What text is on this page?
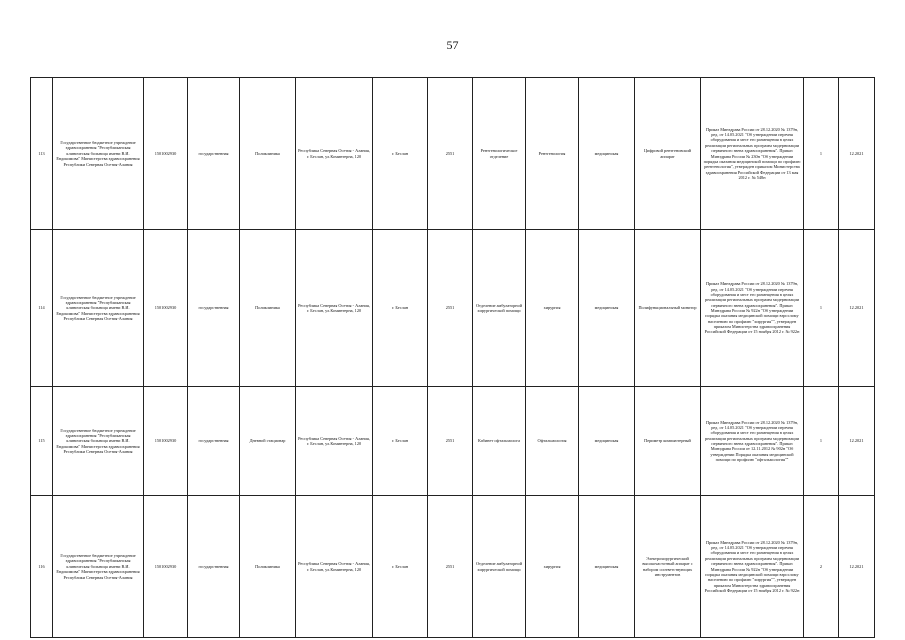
57
113	Государственное бюджетное учреждение здравоохранения "Республиканская клиническая больница имени В.И. Евдокимова" Министерства здравоохранения Республики Северная Осетия-Алания	1501002930	государственная	Поликлиника	Республика Северная Осетия - Алания, г. Беслан, ул.Коминтерна, 120	г. Беслан	2551	Рентгенологическое отделение	Рентгенология	медицинская	Цифровой рентгеновский аппарат	Приказ Минздрава России от 28.12.2020 № 1379н, ред. от 14.05.2021 "Об утверждении перечня оборудования и мест его размещения в целях реализации региональных программ модернизации первичного звена здравоохранения". Приказ Минздрава России № 230н "Об утверждении порядка оказания медицинской помощи по профилю рентгенология", утвержден приказом Министерства здравоохранения Российской Федерации от 13 мая 2012 г. № 548н	1	12.2021
114	Государственное бюджетное учреждение здравоохранения "Республиканская клиническая больница имени В.И. Евдокимова" Министерства здравоохранения Республики Северная Осетия-Алания	1501002930	государственная	Поликлиника	Республика Северная Осетия - Алания, г. Беслан, ул.Коминтерна, 120	г. Беслан	2551	Отделение амбулаторной хирургической помощи	хирургия	медицинская	Полифункциональный монитор	Приказ Минздрава России от 28.12.2020 № 1379н, ред. от 14.05.2021 "Об утверждении перечня оборудования и мест его размещения в целях реализации региональных программ модернизации первичного звена здравоохранения". Приказ Минздрава России № 922н "Об утверждении порядка оказания медицинской помощи взрослому населению по профилю "хирургия"", утвержден приказом Министерства здравоохранения Российской Федерации от 15 ноября 2012 г. № 922н	1	12.2021
115	Государственное бюджетное учреждение здравоохранения "Республиканская клиническая больница имени В.И. Евдокимова" Министерства здравоохранения Республики Северная Осетия-Алания	1501002930	государственная	Дневной стационар	Республика Северная Осетия - Алания, г. Беслан, ул.Коминтерна, 120	г. Беслан	2551	Кабинет офтальмолога	Офтальмология	медицинская	Периметр компьютерный	Приказ Минздрава России от 28.12.2020 № 1379н, ред. от 14.05.2021 "Об утверждении перечня оборудования и мест его размещения в целях реализации региональных программ модернизации первичного звена здравоохранения". Приказ Минздрава России от 12.11.2012 № 902н "Об утверждении Порядка оказания медицинской помощи по профилю "офтальмология""	1	12.2021
116	Государственное бюджетное учреждение здравоохранения "Республиканская клиническая больница имени В.И. Евдокимова" Министерства здравоохранения Республики Северная Осетия-Алания	1501002930	государственная	Поликлиника	Республика Северная Осетия - Алания, г. Беслан, ул.Коминтерна, 120	г. Беслан	2551	Отделение амбулаторной хирургической помощи	хирургия	медицинская	Электрохирургический высокочастотный аппарат с набором соответствующих инструментов	Приказ Минздрава России от 28.12.2020 № 1379н, ред. от 14.05.2021 "Об утверждении перечня оборудования и мест его размещения в целях реализации региональных программ модернизации первичного звена здравоохранения". Приказ Минздрава России № 922н "Об утверждении порядка оказания медицинской помощи взрослому населению по профилю "хирургия"", утвержден приказом Министерства здравоохранения Российской Федерации от 15 ноября 2012 г. № 922н	2	12.2021
